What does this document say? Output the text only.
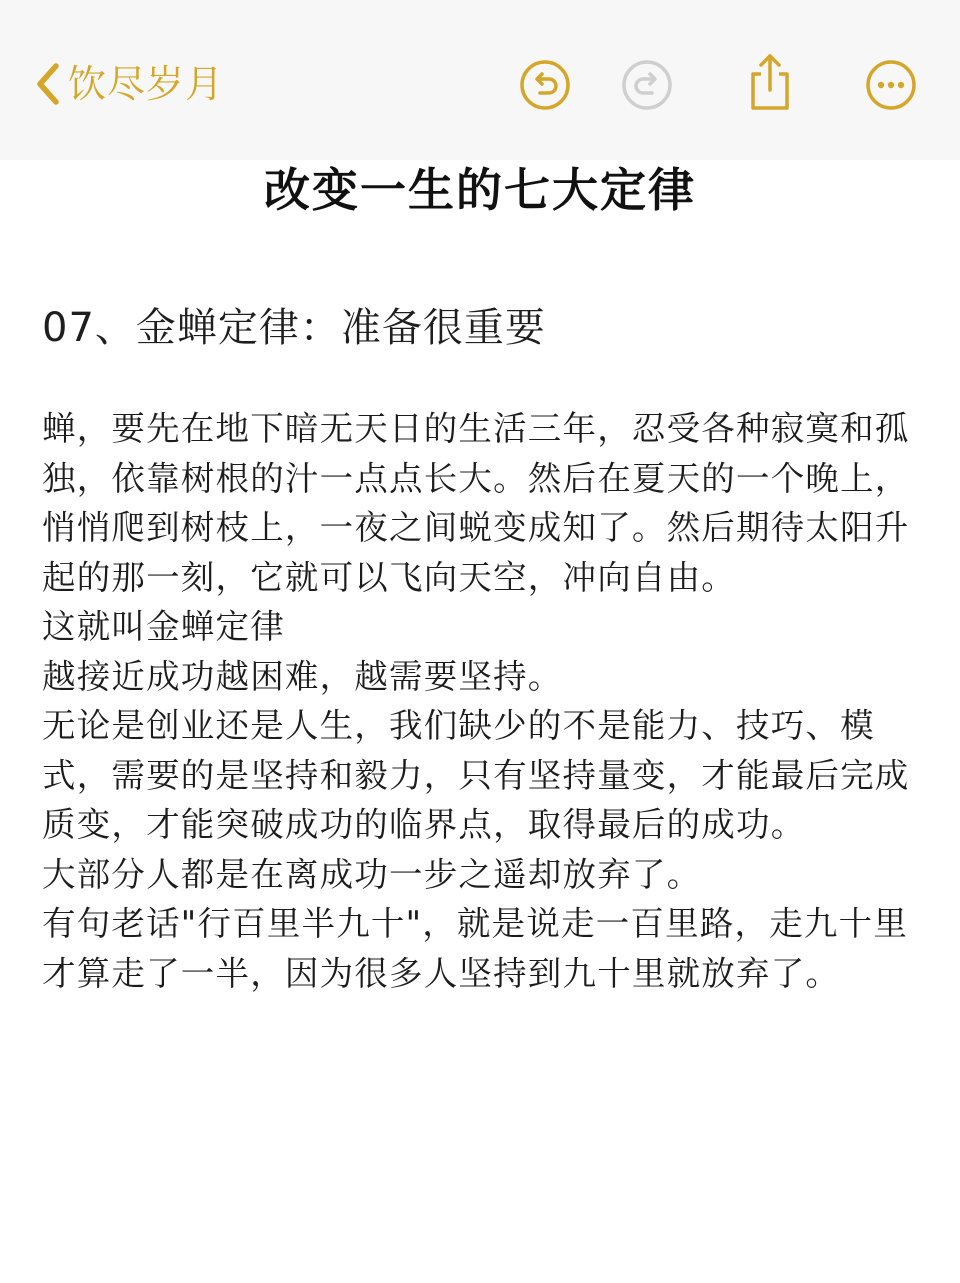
饮尽岁月
改变一生的七大定律
07、金蝉定律：准备很重要

蝉，要先在地下暗无天日的生活三年，忍受各种寂寞和孤独，依靠树根的汁一点点长大。然后在夏天的一个晚上，悄悄爬到树枝上，一夜之间蜕变成知了。然后期待太阳升起的那一刻，它就可以飞向天空，冲向自由。

这就叫金蝉定律

越接近成功越困难，越需要坚持。

无论是创业还是人生，我们缺少的不是能力、技巧、模式，需要的是坚持和毅力，只有坚持量变，才能最后完成质变，才能突破成功的临界点，取得最后的成功。

大部分人都是在离成功一步之遥却放弃了。

有句老话"行百里半九十"，就是说走一百里路，走九十里才算走了一半，因为很多人坚持到九十里就放弃了。
